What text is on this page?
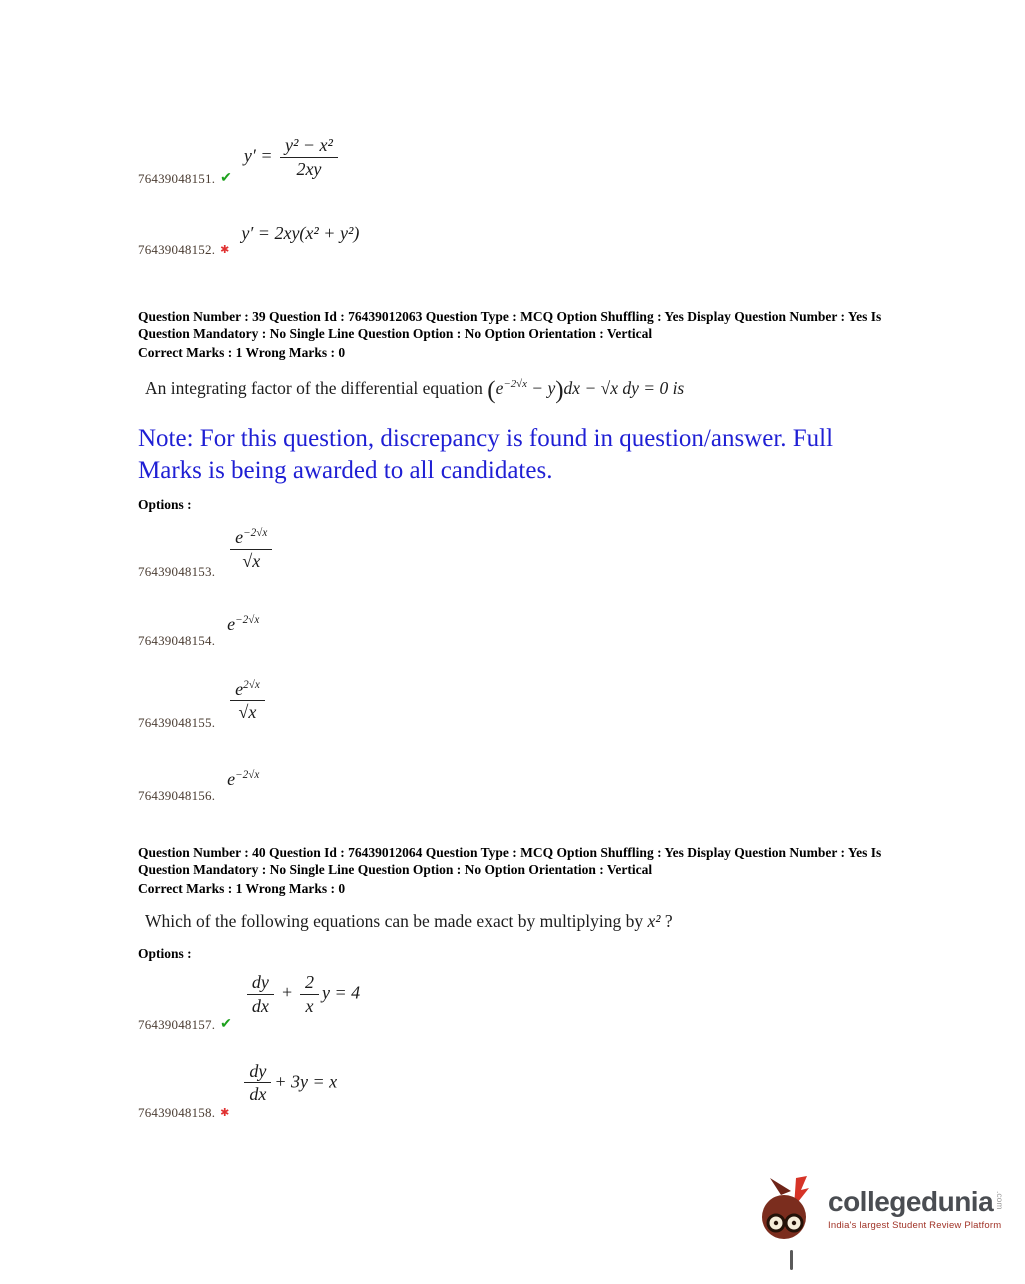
76439048151. ✔
$y' = \frac{\text{y² − x²}}{2xy}$
76439048152. ✱
y′ = 2xy(x² + y²)
Question Number : 39 Question Id : 76439012063 Question Type : MCQ Option Shuffling : Yes Display Question Number : Yes Is
Question Mandatory : No Single Line Question Option : No Option Orientation : Vertical
Correct Marks : 1 Wrong Marks : 0
An integrating factor of the differential equation $(e^{-2√x} - y)dx - √x$ dy = 0 is
Note: For this question, discrepancy is found in question/answer. Full
Marks is being awarded to all candidates.
Options :
76439048153. $\frac{e^{-2√x}}{√x}$
76439048154.
$e^{-2√x}$
76439048155. $\frac{e^{2√x}}{√x}$
76439048156.
$e^{-2√x}$
Question Number : 40 Question Id : 76439012064 Question Type : MCQ Option Shuffling : Yes Display Question Number : Yes Is
Question Mandatory : No Single Line Question Option : No Option Orientation : Vertical
Correct Marks : 1 Wrong Marks : 0
Which of the following equations can be made exact by multiplying by x² ?
Options :
76439048157. ✔
$\frac{dy}{dx} + \frac{2}{x}$ y = 4
76439048158. ✱
$\frac{dy}{dx} + 3y = x$
collegedunia .com
India's largest Student Review Platform
